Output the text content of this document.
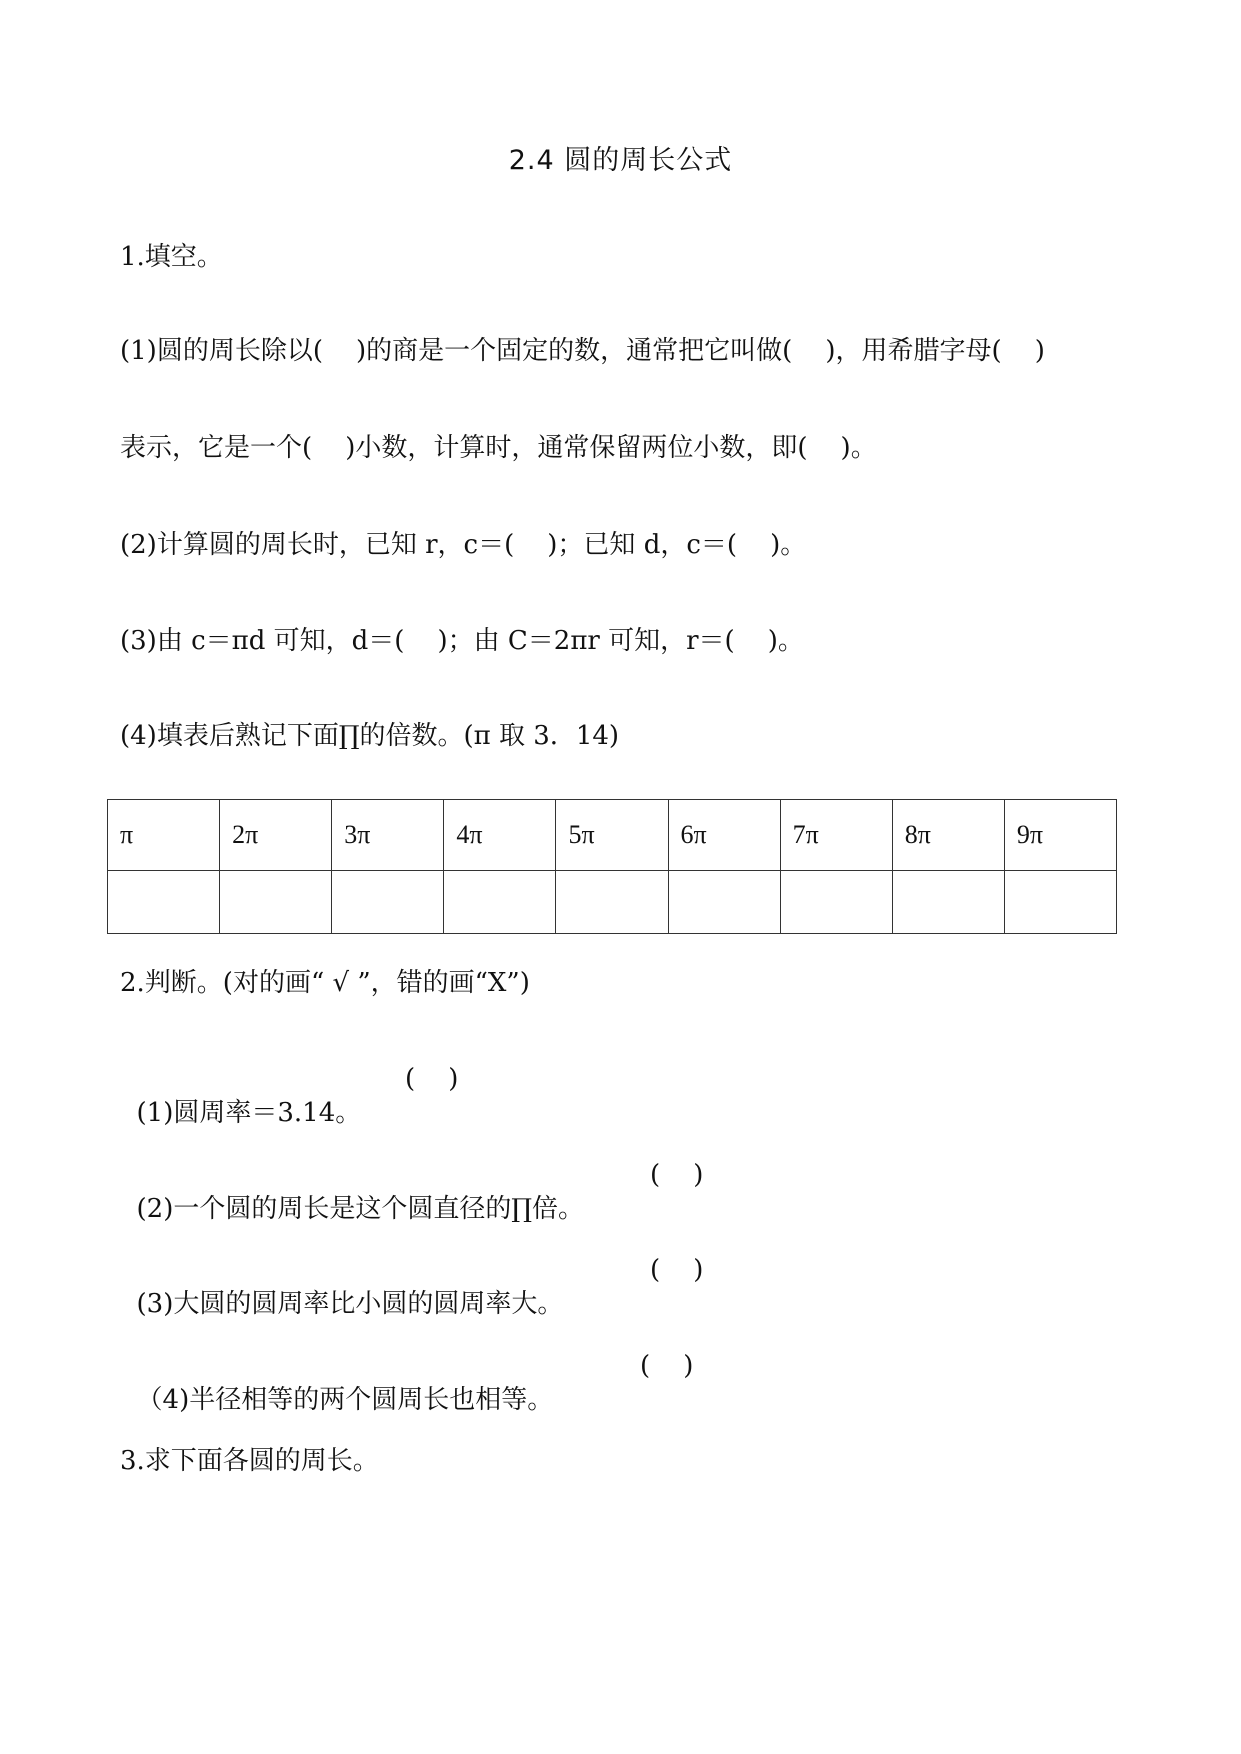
2.4 圆的周长公式
1.填空。
(1)圆的周长除以(    )的商是一个固定的数，通常把它叫做(    )，用希腊字母(    )
表示，它是一个(    )小数，计算时，通常保留两位小数，即(    )。
(2)计算圆的周长时，已知 r，c＝(    )；已知 d，c＝(    )。
(3)由 c＝πd 可知，d＝(    )；由 C＝2πr 可知，r＝(    )。
(4)填表后熟记下面∏的倍数。(π 取 3．14)
π	2π	3π	4π	5π	6π	7π	8π	9π

2.判断。(对的画“ √ ”，错的画“X”)

(1)圆周率＝3.14。

(    )

(2)一个圆的周长是这个圆直径的∏倍。

(    )

(3)大圆的圆周率比小圆的圆周率大。

(    )

（4)半径相等的两个圆周长也相等。

(    )

3.求下面各圆的周长。
